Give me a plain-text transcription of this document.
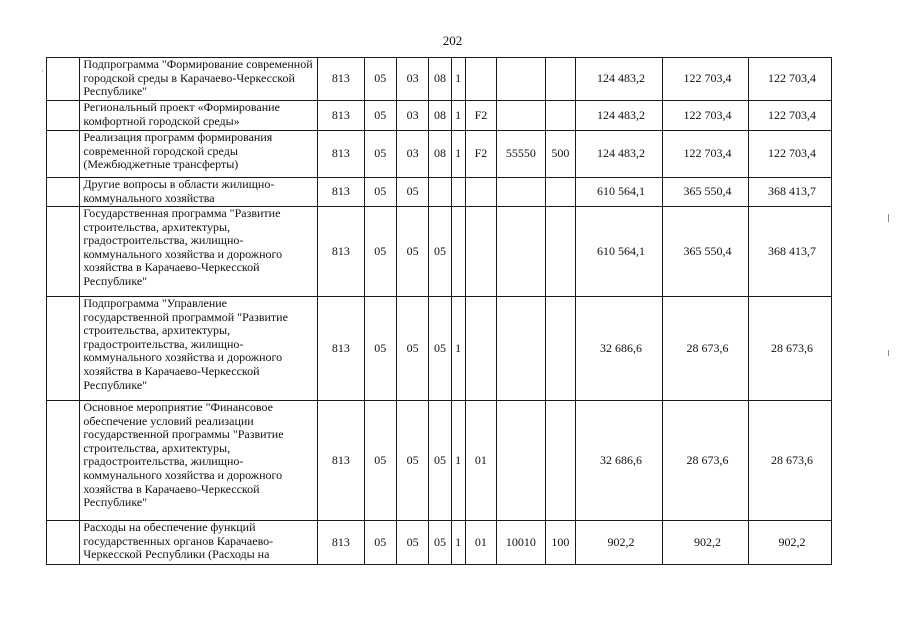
202
·
		Подпрограмма "Формирование современной городской среды в Карачаево-Черкесской Республике"	813	05	03	08	1				124 483,2	122 703,4	122 703,4
	Региональный проект «Формирование комфортной городской среды»	813	05	03	08	1	F2			124 483,2	122 703,4	122 703,4
	Реализация программ формирования современной городской среды (Межбюджетные трансферты)	813	05	03	08	1	F2	55550	500	124 483,2	122 703,4	122 703,4
	Другие вопросы в области жилищно-коммунального хозяйства	813	05	05						610 564,1	365 550,4	368 413,7
	Государственная программа "Развитие строительства, архитектуры, градостроительства, жилищно-коммунального хозяйства и дорожного хозяйства в Карачаево-Черкесской Республике"	813	05	05	05					610 564,1	365 550,4	368 413,7
	Подпрограмма "Управление государственной программой "Развитие строительства, архитектуры, градостроительства, жилищно-коммунального хозяйства и дорожного хозяйства в Карачаево-Черкесской Республике"	813	05	05	05	1				32 686,6	28 673,6	28 673,6
	Основное мероприятие "Финансовое обеспечение условий реализации государственной программы "Развитие строительства, архитектуры, градостроительства, жилищно-коммунального хозяйства и дорожного хозяйства в Карачаево-Черкесской Республике"	813	05	05	05	1	01			32 686,6	28 673,6	28 673,6
	Расходы на обеспечение функций государственных органов Карачаево-Черкесской Республики (Расходы на	813	05	05	05	1	01	10010	100	902,2	902,2	902,2
